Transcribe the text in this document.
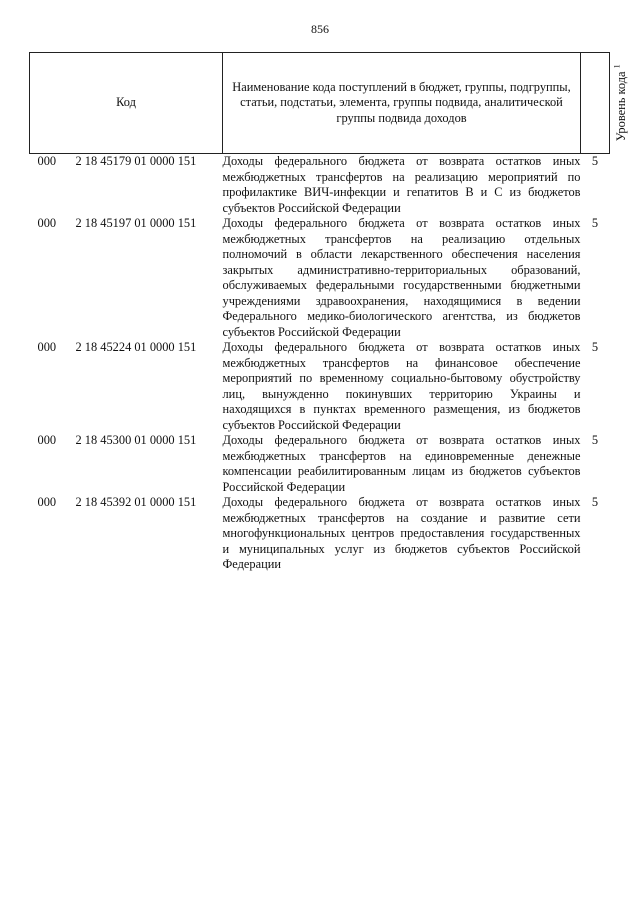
856
Код	Наименование кода поступлений в бюджет, группы, подгруппы, статьи, подстатьи, элемента, группы подвида, аналитической группы подвида доходов	Уровень кода $^1$
000 2 18 45179 01 0000 151	Доходы федерального бюджета от возврата остатков иных межбюджетных трансфертов на реализацию мероприятий по профилактике ВИЧ-инфекции и гепатитов B и C из бюджетов субъектов Российской Федерации	5
000 2 18 45197 01 0000 151	Доходы федерального бюджета от возврата остатков иных межбюджетных трансфертов на реализацию отдельных полномочий в области лекарственного обеспечения населения закрытых административно-территориальных образований, обслуживаемых федеральными государственными бюджетными учреждениями здравоохранения, находящимися в ведении Федерального медико-биологического агентства, из бюджетов субъектов Российской Федерации	5
000 2 18 45224 01 0000 151	Доходы федерального бюджета от возврата остатков иных межбюджетных трансфертов на финансовое обеспечение мероприятий по временному социально-бытовому обустройству лиц, вынужденно покинувших территорию Украины и находящихся в пунктах временного размещения, из бюджетов субъектов Российской Федерации	5
000 2 18 45300 01 0000 151	Доходы федерального бюджета от возврата остатков иных межбюджетных трансфертов на единовременные денежные компенсации реабилитированным лицам из бюджетов субъектов Российской Федерации	5
000 2 18 45392 01 0000 151	Доходы федерального бюджета от возврата остатков иных межбюджетных трансфертов на создание и развитие сети многофункциональных центров предоставления государственных и муниципальных услуг из бюджетов субъектов Российской Федерации	5
